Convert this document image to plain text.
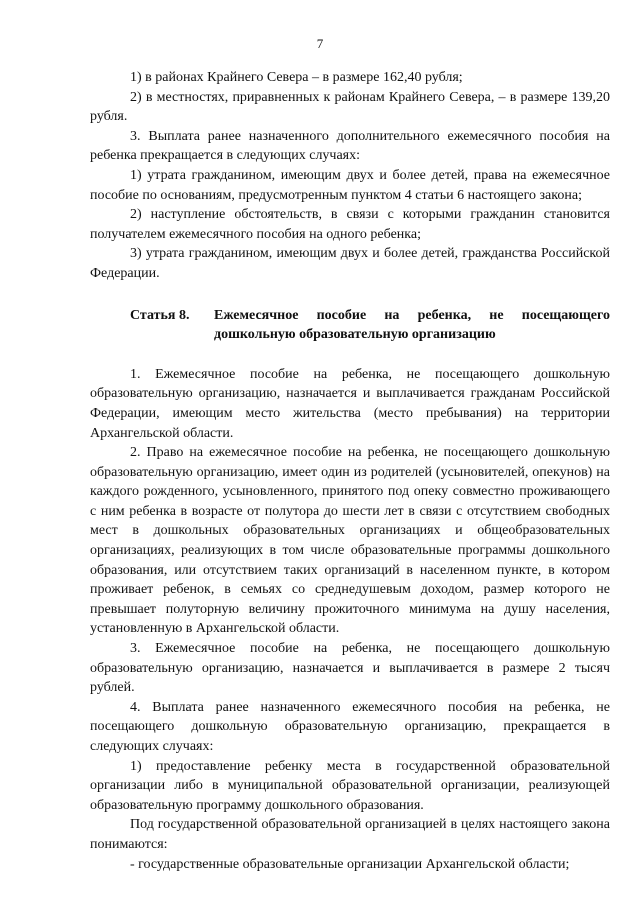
7

1) в районах Крайнего Севера – в размере 162,40 рубля;

2) в местностях, приравненных к районам Крайнего Севера, – в размере 139,20 рубля.

3. Выплата ранее назначенного дополнительного ежемесячного пособия на ребенка прекращается в следующих случаях:

1) утрата гражданином, имеющим двух и более детей, права на ежемесячное пособие по основаниям, предусмотренным пунктом 4 статьи 6 настоящего закона;

2) наступление обстоятельств, в связи с которыми гражданин становится получателем ежемесячного пособия на одного ребенка;

3) утрата гражданином, имеющим двух и более детей, гражданства Российской Федерации.

Статья 8.	Ежемесячное пособие на ребенка, не посещающего
дошкольную образовательную организацию

1. Ежемесячное пособие на ребенка, не посещающего дошкольную образовательную организацию, назначается и выплачивается гражданам Российской Федерации, имеющим место жительства (место пребывания) на территории Архангельской области.

2. Право на ежемесячное пособие на ребенка, не посещающего дошкольную образовательную организацию, имеет один из родителей (усыновителей, опекунов) на каждого рожденного, усыновленного, принятого под опеку совместно проживающего с ним ребенка в возрасте от полутора до шести лет в связи с отсутствием свободных мест в дошкольных образовательных организациях и общеобразовательных организациях, реализующих в том числе образовательные программы дошкольного образования, или отсутствием таких организаций в населенном пункте, в котором проживает ребенок, в семьях со среднедушевым доходом, размер которого не превышает полуторную величину прожиточного минимума на душу населения, установленную в Архангельской области.

3. Ежемесячное пособие на ребенка, не посещающего дошкольную образовательную организацию, назначается и выплачивается в размере 2 тысяч рублей.

4. Выплата ранее назначенного ежемесячного пособия на ребенка, не посещающего дошкольную образовательную организацию, прекращается в следующих случаях:

1) предоставление ребенку места в государственной образовательной организации либо в муниципальной образовательной организации, реализующей образовательную программу дошкольного образования.

Под государственной образовательной организацией в целях настоящего закона понимаются:

- государственные образовательные организации Архангельской области;
